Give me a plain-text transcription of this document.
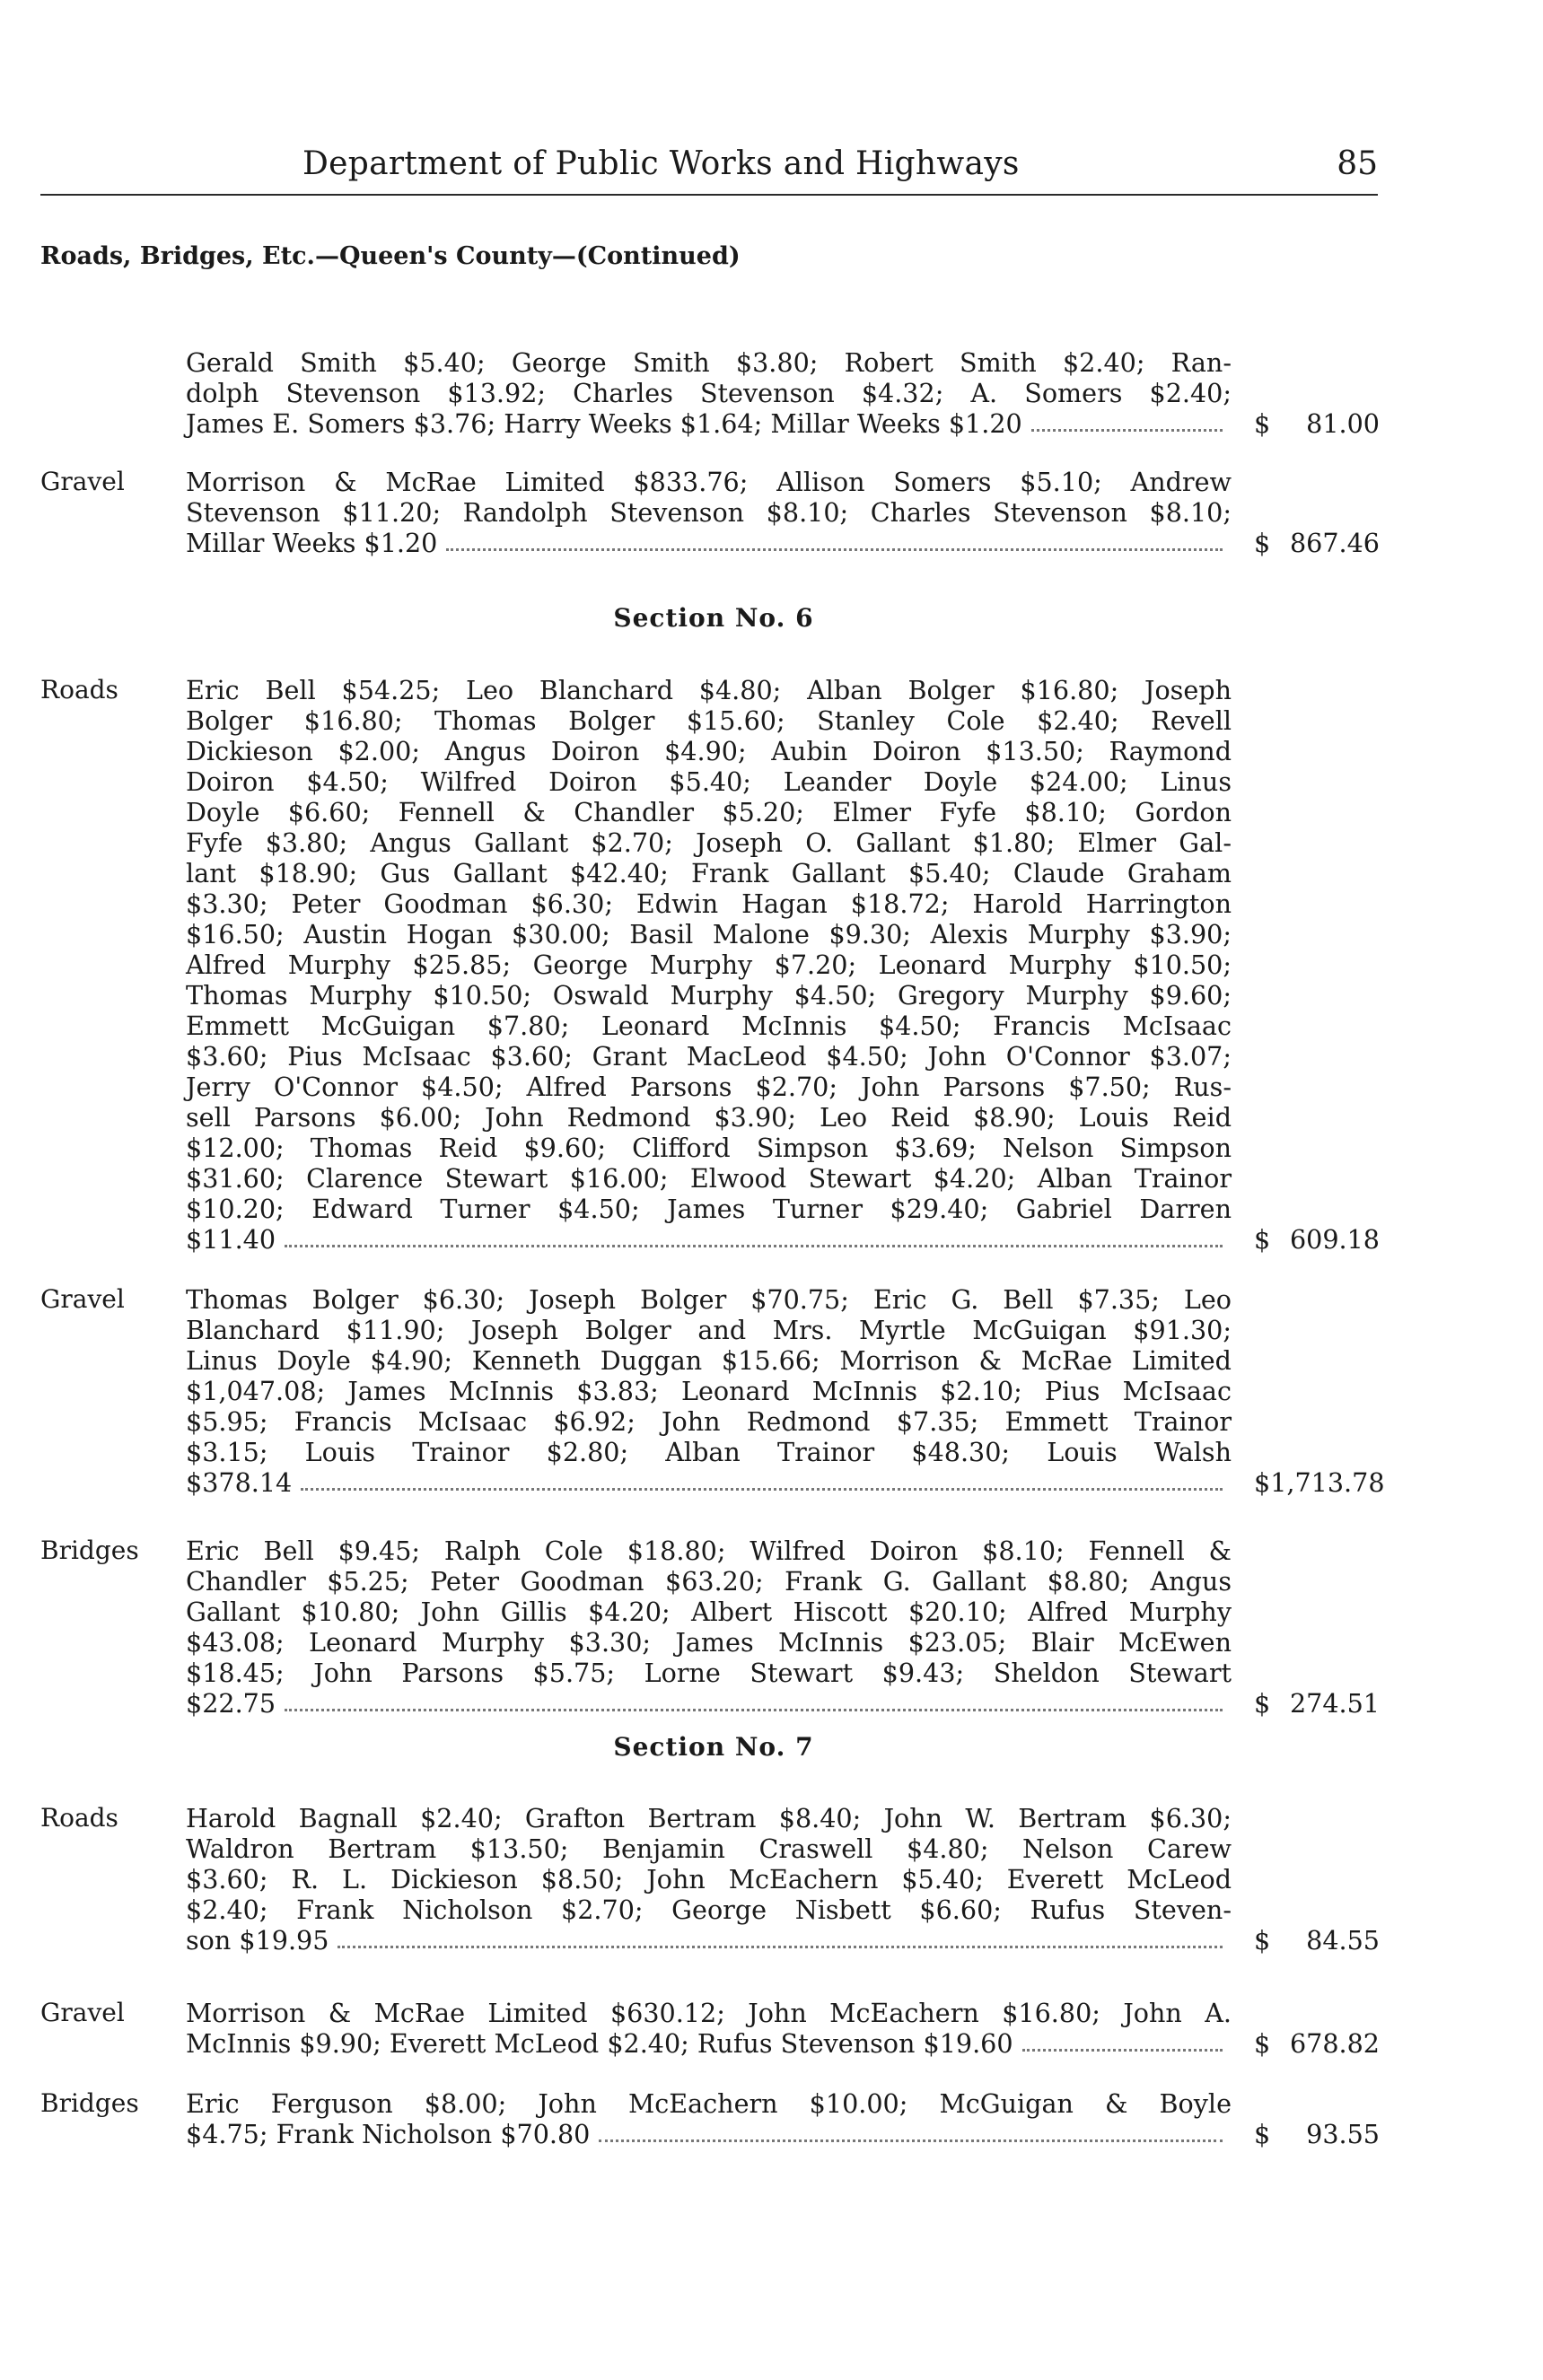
Department of Public Works and Highways	85
Roads, Bridges, Etc.—Queen's County—(Continued)
Gerald Smith $5.40; George Smith $3.80; Robert Smith $2.40; Ran-
dolph Stevenson $13.92; Charles Stevenson $4.32; A. Somers $2.40;
James E. Somers $3.76; Harry Weeks $1.64; Millar Weeks $1.20	$ 81.00
Gravel Morrison & McRae Limited $833.76; Allison Somers $5.10; Andrew
Stevenson $11.20; Randolph Stevenson $8.10; Charles Stevenson $8.10;
Millar Weeks $1.20	$ 867.46
Section No. 6
Roads	Eric Bell $54.25; Leo Blanchard $4.80; Alban Bolger $16.80; Joseph
Bolger $16.80; Thomas Bolger $15.60; Stanley Cole $2.40; Revell
Dickieson $2.00; Angus Doiron $4.90; Aubin Doiron $13.50; Raymond
Doiron $4.50; Wilfred Doiron $5.40; Leander Doyle $24.00; Linus
Doyle $6.60; Fennell & Chandler $5.20; Elmer Fyfe $8.10; Gordon
Fyfe $3.80; Angus Gallant $2.70; Joseph O. Gallant $1.80; Elmer Gal-
lant $18.90; Gus Gallant $42.40; Frank Gallant $5.40; Claude Graham
$3.30; Peter Goodman $6.30; Edwin Hagan $18.72; Harold Harrington
$16.50; Austin Hogan $30.00; Basil Malone $9.30; Alexis Murphy $3.90;
Alfred Murphy $25.85; George Murphy $7.20; Leonard Murphy $10.50;
Thomas Murphy $10.50; Oswald Murphy $4.50; Gregory Murphy $9.60;
Emmett McGuigan $7.80; Leonard McInnis $4.50; Francis McIsaac
$3.60; Pius McIsaac $3.60; Grant MacLeod $4.50; John O'Connor $3.07;
Jerry O'Connor $4.50; Alfred Parsons $2.70; John Parsons $7.50; Rus-
sell Parsons $6.00; John Redmond $3.90; Leo Reid $8.90; Louis Reid
$12.00; Thomas Reid $9.60; Clifford Simpson $3.69; Nelson Simpson
$31.60; Clarence Stewart $16.00; Elwood Stewart $4.20; Alban Trainor
$10.20; Edward Turner $4.50; James Turner $29.40; Gabriel Darren
$11.40	$ 609.18
Gravel Thomas Bolger $6.30; Joseph Bolger $70.75; Eric G. Bell $7.35; Leo
Blanchard $11.90; Joseph Bolger and Mrs. Myrtle McGuigan $91.30;
Linus Doyle $4.90; Kenneth Duggan $15.66; Morrison & McRae Limited
$1,047.08; James McInnis $3.83; Leonard McInnis $2.10; Pius McIsaac
$5.95; Francis McIsaac $6.92; John Redmond $7.35; Emmett Trainor
$3.15; Louis Trainor $2.80; Alban Trainor $48.30; Louis Walsh
$378.14	$1,713.78
Bridges Eric Bell $9.45; Ralph Cole $18.80; Wilfred Doiron $8.10; Fennell &
Chandler $5.25; Peter Goodman $63.20; Frank G. Gallant $8.80; Angus
Gallant $10.80; John Gillis $4.20; Albert Hiscott $20.10; Alfred Murphy
$43.08; Leonard Murphy $3.30; James McInnis $23.05; Blair McEwen
$18.45; John Parsons $5.75; Lorne Stewart $9.43; Sheldon Stewart
$22.75	$ 274.51
Section No. 7
Roads	Harold Bagnall $2.40; Grafton Bertram $8.40; John W. Bertram $6.30;
Waldron Bertram $13.50; Benjamin Craswell $4.80; Nelson Carew
$3.60; R. L. Dickieson $8.50; John McEachern $5.40; Everett McLeod
$2.40; Frank Nicholson $2.70; George Nisbett $6.60; Rufus Steven-
son $19.95	$ 84.55
Gravel Morrison & McRae Limited $630.12; John McEachern $16.80; John A.
McInnis $9.90; Everett McLeod $2.40; Rufus Stevenson $19.60	$ 678.82
Bridges Eric Ferguson $8.00; John McEachern $10.00; McGuigan & Boyle
$4.75; Frank Nicholson $70.80	$ 93.55
